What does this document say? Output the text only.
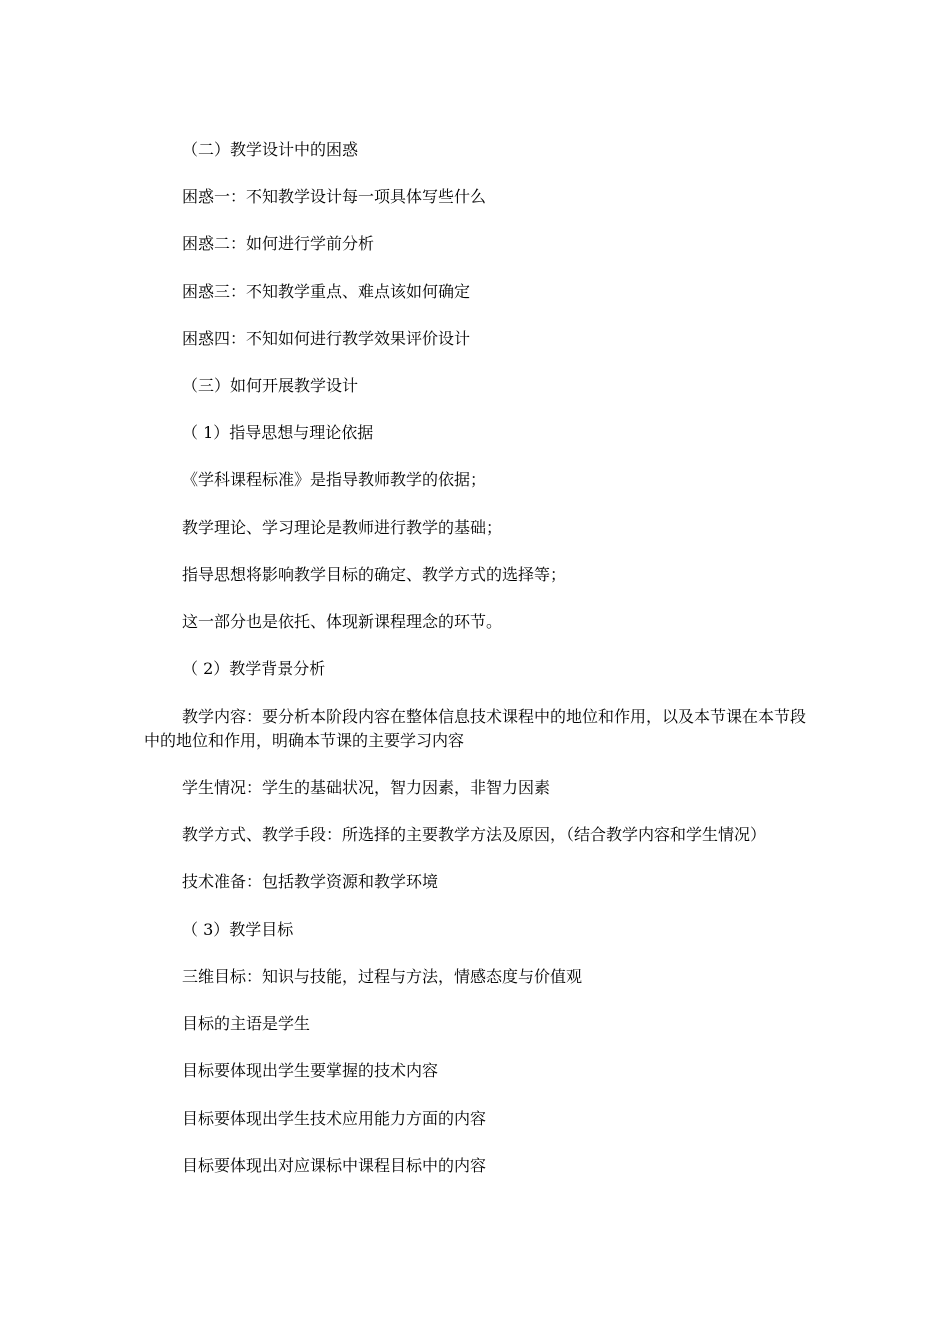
（二）教学设计中的困惑

困惑一：不知教学设计每一项具体写些什么

困惑二：如何进行学前分析

困惑三：不知教学重点、难点该如何确定

困惑四：不知如何进行教学效果评价设计

（三）如何开展教学设计

（ 1）指导思想与理论依据

《学科课程标准》是指导教师教学的依据；

教学理论、学习理论是教师进行教学的基础；

指导思想将影响教学目标的确定、教学方式的选择等；

这一部分也是依托、体现新课程理念的环节。

（ 2）教学背景分析

教学内容：要分析本阶段内容在整体信息技术课程中的地位和作用，以及本节课在本节段中的地位和作用，明确本节课的主要学习内容

学生情况：学生的基础状况，智力因素，非智力因素

教学方式、教学手段：所选择的主要教学方法及原因，（结合教学内容和学生情况）

技术准备：包括教学资源和教学环境

（ 3）教学目标

三维目标：知识与技能，过程与方法，情感态度与价值观

目标的主语是学生

目标要体现出学生要掌握的技术内容

目标要体现出学生技术应用能力方面的内容

目标要体现出对应课标中课程目标中的内容
